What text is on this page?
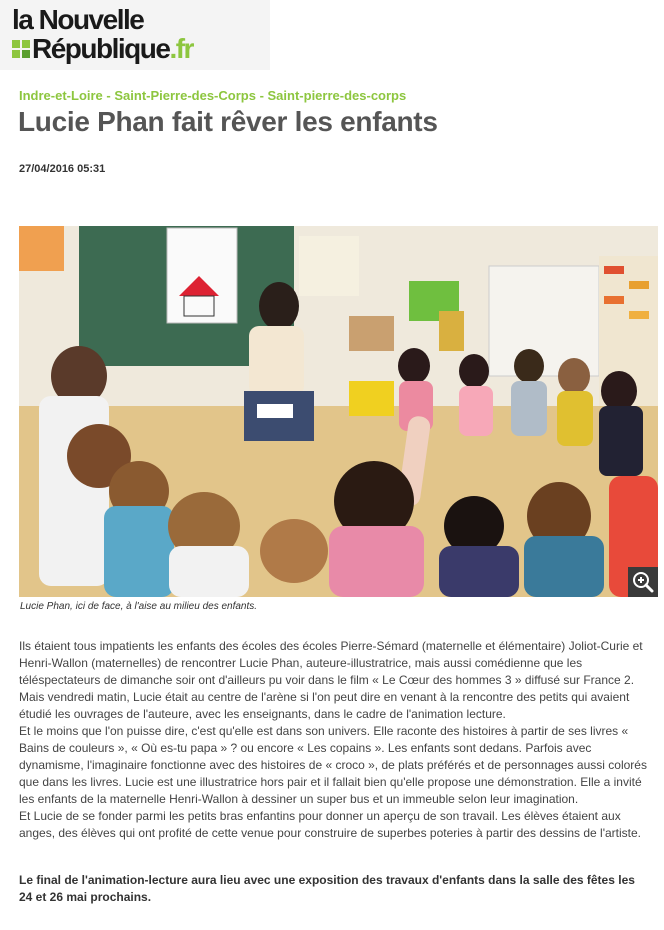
la Nouvelle
République .fr
Indre-et-Loire - Saint-Pierre-des-Corps - Saint-pierre-des-corps
Lucie Phan fait rêver les enfants
27/04/2016 05:31
Lucie Phan, ici de face, à l'aise au milieu des enfants.

Ils étaient tous impatients les enfants des écoles des écoles Pierre-Sémard (maternelle et élémentaire) Joliot-Curie et Henri-Wallon (maternelles) de rencontrer Lucie Phan, auteure-illustratrice, mais aussi comédienne que les téléspectateurs de dimanche soir ont d'ailleurs pu voir dans le film « Le Cœur des hommes 3 » diffusé sur France 2. Mais vendredi matin, Lucie était au centre de l'arène si l'on peut dire en venant à la rencontre des petits qui avaient étudié les ouvrages de l'auteure, avec les enseignants, dans le cadre de l'animation lecture.

Et le moins que l'on puisse dire, c'est qu'elle est dans son univers. Elle raconte des histoires à partir de ses livres « Bains de couleurs », « Où es-tu papa » ? ou encore « Les copains ». Les enfants sont dedans. Parfois avec dynamisme, l'imaginaire fonctionne avec des histoires de « croco », de plats préférés et de personnages aussi colorés que dans les livres. Lucie est une illustratrice hors pair et il fallait bien qu'elle propose une démonstration. Elle a invité les enfants de la maternelle Henri-Wallon à dessiner un super bus et un immeuble selon leur imagination.

Et Lucie de se fonder parmi les petits bras enfantins pour donner un aperçu de son travail. Les élèves étaient aux anges, des élèves qui ont profité de cette venue pour construire de superbes poteries à partir des dessins de l'artiste.

Le final de l'animation-lecture aura lieu avec une exposition des travaux d'enfants dans la salle des fêtes les 24 et 26 mai prochains.
